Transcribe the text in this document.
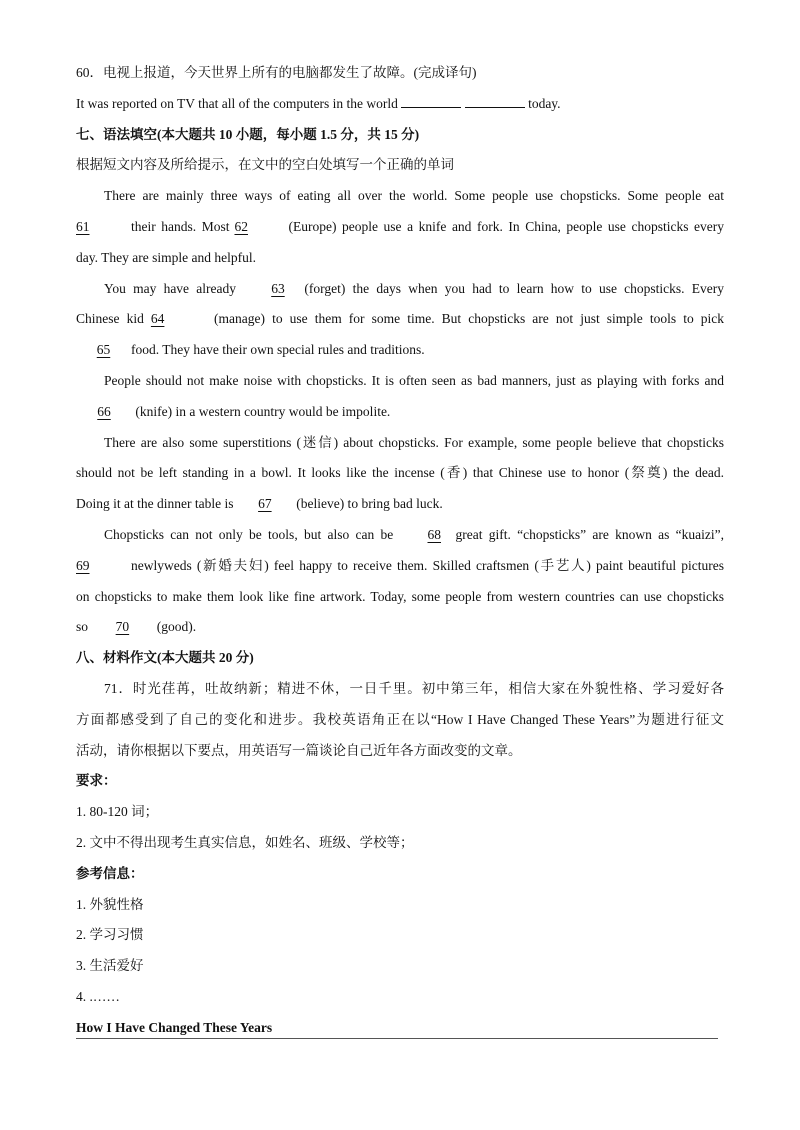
60．电视上报道，今天世界上所有的电脑都发生了故障。(完成译句)
It was reported on TV that all of the computers in the world	today.
七、语法填空(本大题共 10 小题，每小题 1.5 分，共 15 分)
根据短文内容及所给提示，在文中的空白处填写一个正确的单词
There are mainly three ways of eating all over the world. Some people use chopsticks. Some people eat
61	their hands. Most 62	(Europe) people use a knife and fork. In China, people use chopsticks every
day. They are simple and helpful.
You may have already	63 (forget) the days when you had to learn how to use chopsticks. Every
Chinese kid 64	(manage) to use them for some time. But chopsticks are not just simple tools to pick
65 food. They have their own special rules and traditions.
People should not make noise with chopsticks. It is often seen as bad manners, just as playing with forks and
66 (knife) in a western country would be impolite.
There are also some superstitions (迷信) about chopsticks. For example, some people believe that chopsticks
should not be left standing in a bowl. It looks like the incense (香) that Chinese use to honor (祭奠) the dead.
Doing it at the dinner table is 67 (believe) to bring bad luck.
Chopsticks can not only be tools, but also can be	68 great gift. “chopsticks” are known as “kuaizi”,
69	newlyweds (新婚夫妇) feel happy to receive them. Skilled craftsmen (手艺人) paint beautiful pictures
on chopsticks to make them look like fine artwork. Today, some people from western countries can use chopsticks
so 70 (good).
八、材料作文(本大题共 20 分)
71．时光荏苒，吐故纳新；精进不休，一日千里。初中第三年，相信大家在外貌性格、学习爱好各
方面都感受到了自己的变化和进步。我校英语角正在以“How I Have Changed These Years”为题进行征文
活动，请你根据以下要点，用英语写一篇谈论自己近年各方面改变的文章。
要求：
1. 80-120 词；
2. 文中不得出现考生真实信息，如姓名、班级、学校等；
参考信息：
1. 外貌性格
2. 学习习惯
3. 生活爱好
4. .……
How I Have Changed These Years
